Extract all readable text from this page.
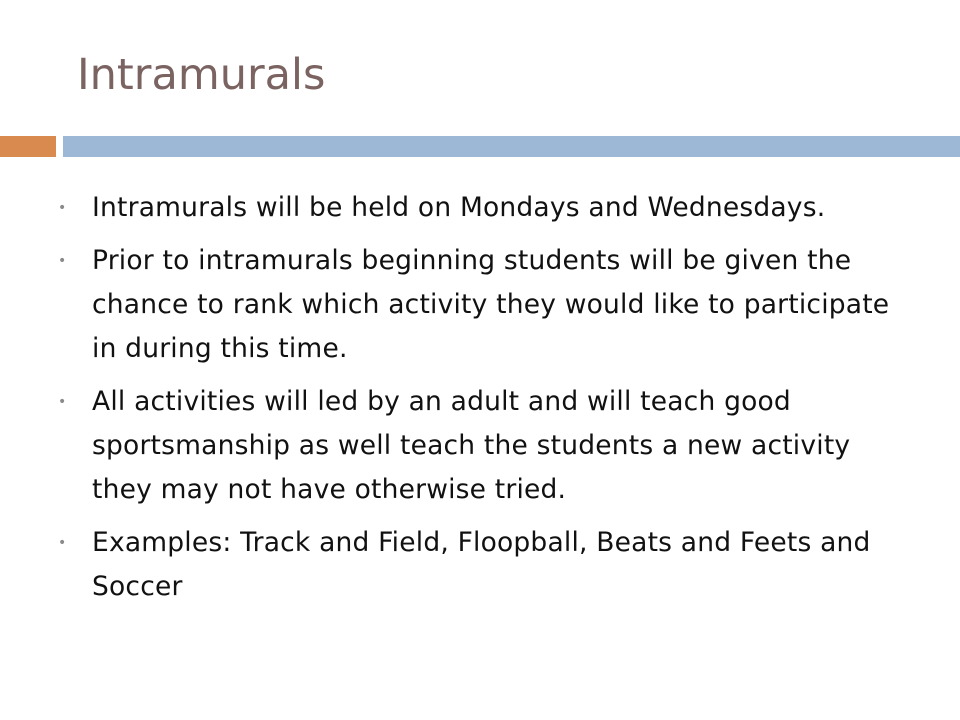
Intramurals
• Intramurals will be held on Mondays and Wednesdays.
• Prior to intramurals beginning students will be given the chance to rank which activity they would like to participate in during this time.
• All activities will led by an adult and will teach good sportsmanship as well teach the students a new activity they may not have otherwise tried.
• Examples: Track and Field, Floopball, Beats and Feets and Soccer
